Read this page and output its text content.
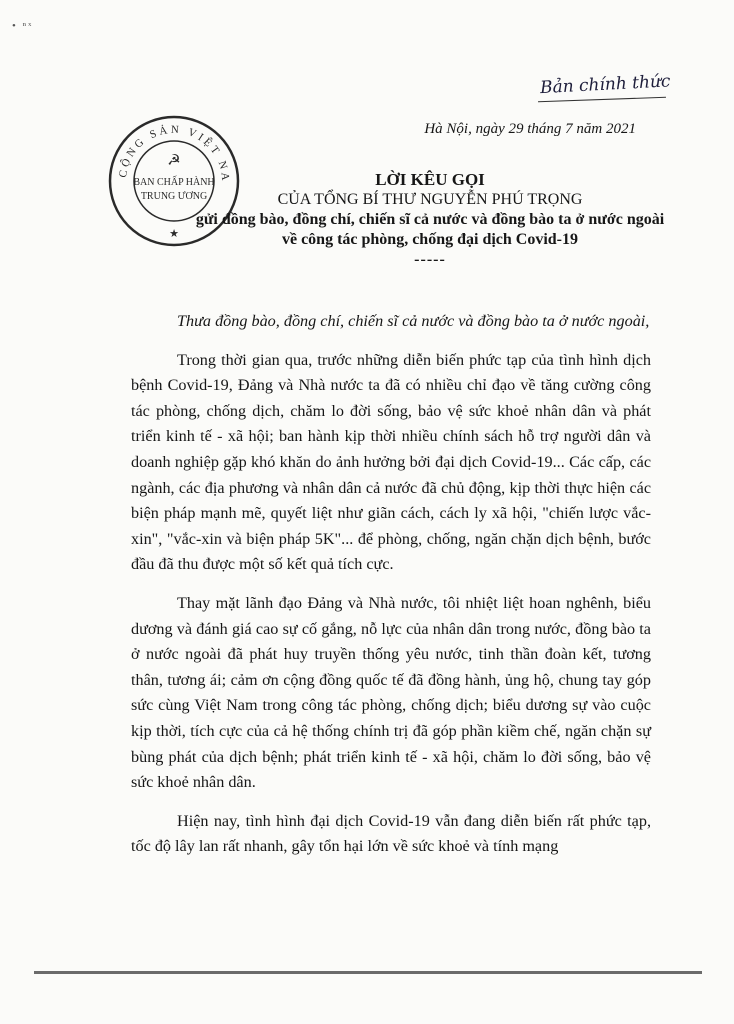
• ⁿˣ
Bản chính thức
Hà Nội, ngày 29 tháng 7 năm 2021
CỘNG SẢN VIỆT NA
☭
BAN CHẤP HÀNH
TRUNG ƯƠNG
★
LỜI KÊU GỌI
CỦA TỔNG BÍ THƯ NGUYỄN PHÚ TRỌNG
gửi đồng bào, đồng chí, chiến sĩ cả nước và đồng bào ta ở nước ngoài
về công tác phòng, chống đại dịch Covid-19
-----

Thưa đồng bào, đồng chí, chiến sĩ cả nước và đồng bào ta ở nước ngoài,

Trong thời gian qua, trước những diễn biến phức tạp của tình hình dịch bệnh Covid-19, Đảng và Nhà nước ta đã có nhiều chỉ đạo về tăng cường công tác phòng, chống dịch, chăm lo đời sống, bảo vệ sức khoẻ nhân dân và phát triển kinh tế - xã hội; ban hành kịp thời nhiều chính sách hỗ trợ người dân và doanh nghiệp gặp khó khăn do ảnh hưởng bởi đại dịch Covid-19... Các cấp, các ngành, các địa phương và nhân dân cả nước đã chủ động, kịp thời thực hiện các biện pháp mạnh mẽ, quyết liệt như giãn cách, cách ly xã hội, "chiến lược vắc-xin", "vắc-xin và biện pháp 5K"... để phòng, chống, ngăn chặn dịch bệnh, bước đầu đã thu được một số kết quả tích cực.

Thay mặt lãnh đạo Đảng và Nhà nước, tôi nhiệt liệt hoan nghênh, biểu dương và đánh giá cao sự cố gắng, nỗ lực của nhân dân trong nước, đồng bào ta ở nước ngoài đã phát huy truyền thống yêu nước, tinh thần đoàn kết, tương thân, tương ái; cảm ơn cộng đồng quốc tế đã đồng hành, ủng hộ, chung tay góp sức cùng Việt Nam trong công tác phòng, chống dịch; biểu dương sự vào cuộc kịp thời, tích cực của cả hệ thống chính trị đã góp phần kiềm chế, ngăn chặn sự bùng phát của dịch bệnh; phát triển kinh tế - xã hội, chăm lo đời sống, bảo vệ sức khoẻ nhân dân.

Hiện nay, tình hình đại dịch Covid-19 vẫn đang diễn biến rất phức tạp, tốc độ lây lan rất nhanh, gây tổn hại lớn về sức khoẻ và tính mạng
